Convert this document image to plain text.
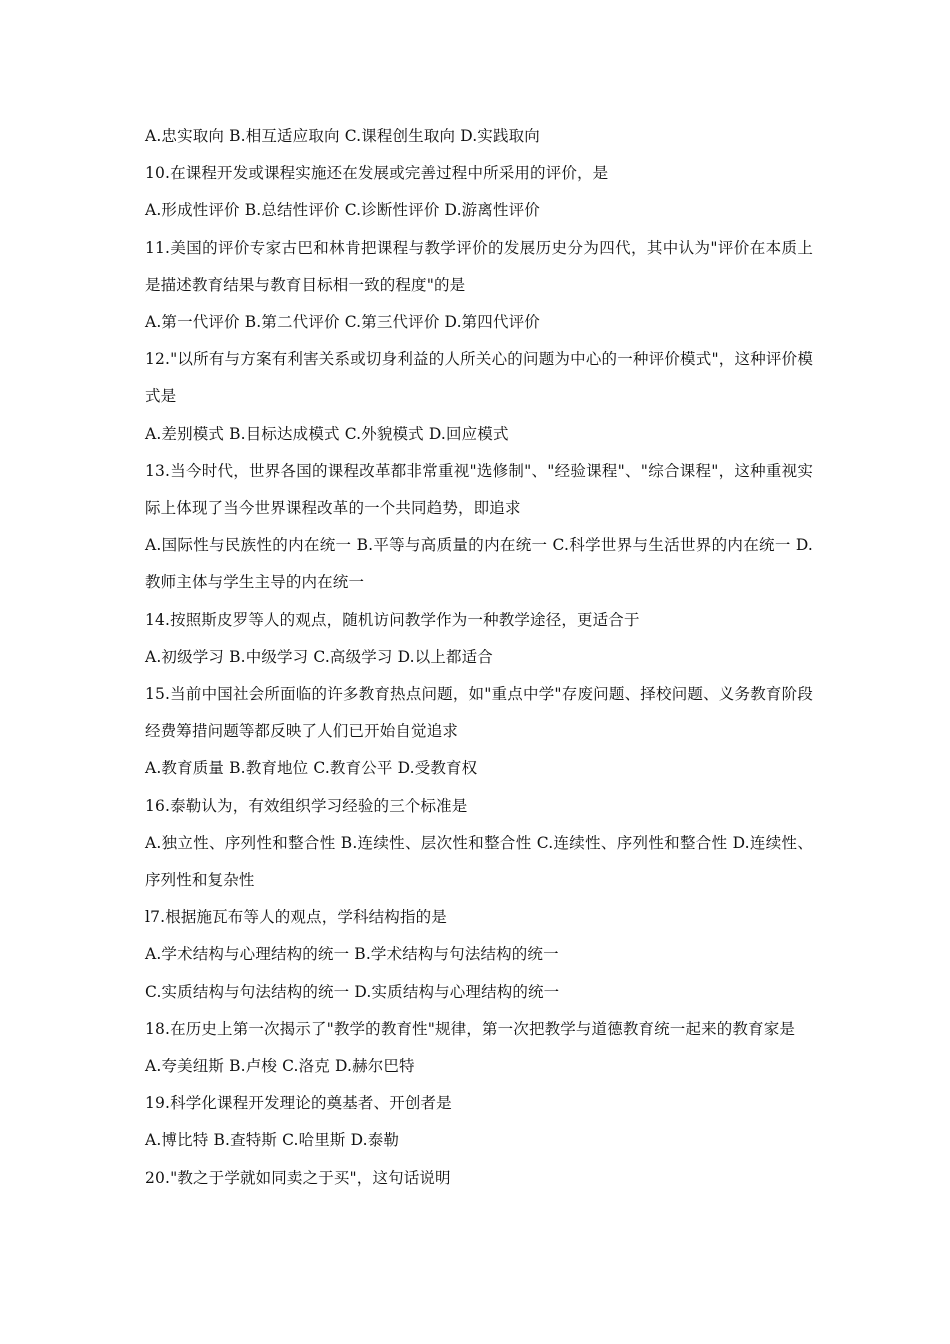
A.忠实取向 B.相互适应取向 C.课程创生取向 D.实践取向

10.在课程开发或课程实施还在发展或完善过程中所采用的评价，是

A.形成性评价 B.总结性评价 C.诊断性评价 D.游离性评价

11.美国的评价专家古巴和林肯把课程与教学评价的发展历史分为四代，其中认为"评价在本质上是描述教育结果与教育目标相一致的程度"的是

A.第一代评价 B.第二代评价 C.第三代评价 D.第四代评价

12."以所有与方案有利害关系或切身利益的人所关心的问题为中心的一种评价模式"，这种评价模式是

A.差别模式 B.目标达成模式 C.外貌模式 D.回应模式

13.当今时代，世界各国的课程改革都非常重视"选修制"、"经验课程"、"综合课程"，这种重视实际上体现了当今世界课程改革的一个共同趋势，即追求

A.国际性与民族性的内在统一 B.平等与高质量的内在统一 C.科学世界与生活世界的内在统一 D.教师主体与学生主导的内在统一

14.按照斯皮罗等人的观点，随机访问教学作为一种教学途径，更适合于

A.初级学习 B.中级学习 C.高级学习 D.以上都适合

15.当前中国社会所面临的许多教育热点问题，如"重点中学"存废问题、择校问题、义务教育阶段经费筹措问题等都反映了人们已开始自觉追求

A.教育质量 B.教育地位 C.教育公平 D.受教育权

16.泰勒认为，有效组织学习经验的三个标准是

A.独立性、序列性和整合性 B.连续性、层次性和整合性 C.连续性、序列性和整合性 D.连续性、序列性和复杂性

l7.根据施瓦布等人的观点，学科结构指的是

A.学术结构与心理结构的统一 B.学术结构与句法结构的统一

C.实质结构与句法结构的统一 D.实质结构与心理结构的统一

18.在历史上第一次揭示了"教学的教育性"规律，第一次把教学与道德教育统一起来的教育家是

A.夸美纽斯 B.卢梭 C.洛克 D.赫尔巴特

19.科学化课程开发理论的奠基者、开创者是

A.博比特 B.查特斯 C.哈里斯 D.泰勒

20."教之于学就如同卖之于买"，这句话说明
